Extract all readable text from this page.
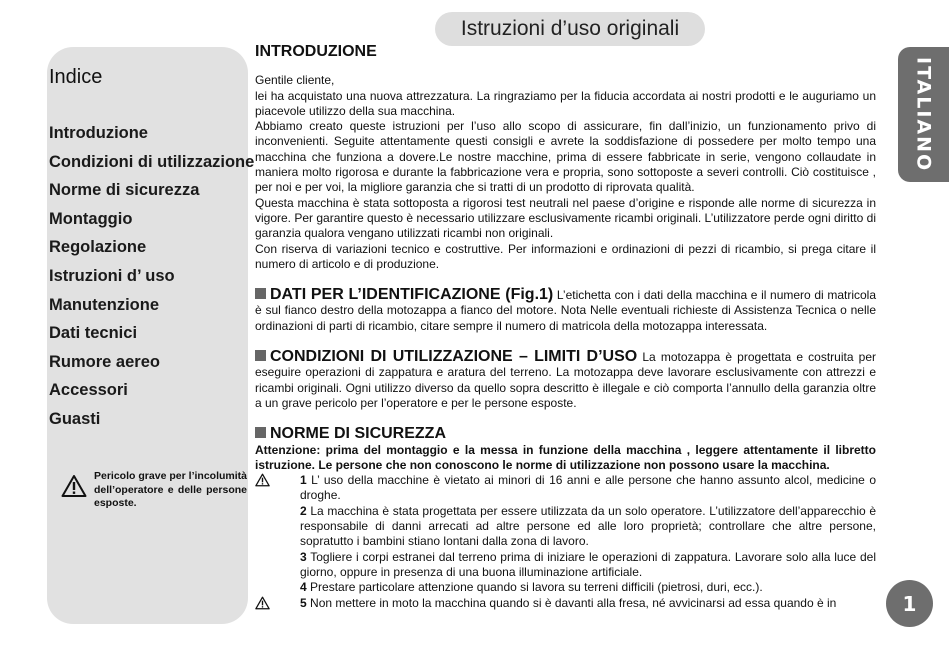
Istruzioni d’uso originali
Indice
Introduzione
Condizioni di utilizzazione
Norme di sicurezza
Montaggio
Regolazione
Istruzioni d’ uso
Manutenzione
Dati tecnici
Rumore aereo
Accessori
Guasti
Pericolo grave per l’incolumità dell’operatore e delle persone esposte.
INTRODUZIONE

Gentile cliente,

lei ha acquistato una nuova attrezzatura. La ringraziamo per la fiducia accordata ai nostri prodotti e le auguriamo un piacevole utilizzo della sua macchina.

Abbiamo creato queste istruzioni per l’uso allo scopo di assicurare, fin dall’inizio, un funzionamento privo di inconvenienti. Seguite attentamente questi consigli e avrete la soddisfazione di possedere per molto tempo una macchina che funziona a dovere.Le nostre macchine, prima di essere fabbricate in serie, vengono collaudate in maniera molto rigorosa e durante la fabbricazione vera e propria, sono sottoposte a severi controlli. Ciò costituisce , per noi e per voi, la migliore garanzia che si tratti di un prodotto di riprovata qualità.

Questa macchina è stata sottoposta a rigorosi test neutrali nel paese d’origine e risponde alle norme di sicurezza in vigore. Per garantire questo è necessario utilizzare esclusivamente ricambi originali. L’utilizzatore perde ogni diritto di garanzia qualora vengano utilizzati ricambi non originali.

Con riserva di variazioni tecnico e costruttive. Per informazioni e ordinazioni di pezzi di ricambio, si prega citare il numero di articolo e di produzione.

DATI PER L’IDENTIFICAZIONE (Fig.1) L’etichetta con i dati della macchina e il numero di matricola è sul fianco destro della motozappa a fianco del motore. Nota Nelle eventuali richieste di Assistenza Tecnica o nelle ordinazioni di parti di ricambio, citare sempre il numero di matricola della motozappa interessata.

CONDIZIONI DI UTILIZZAZIONE – LIMITI D’USO La motozappa è progettata e costruita per eseguire operazioni di zappatura e aratura del terreno. La motozappa deve lavorare esclusivamente con attrezzi e ricambi originali. Ogni utilizzo diverso da quello sopra descritto è illegale e ciò comporta l’annullo della garanzia oltre a un grave pericolo per l’operatore e per le persone esposte.

NORME DI SICUREZZA

Attenzione: prima del montaggio e la messa in funzione della macchina , leggere attentamente il libretto istruzione. Le persone che non conoscono le norme di utilizzazione non possono usare la macchina.

1 L’ uso della macchine è vietato ai minori di 16 anni e alle persone che hanno assunto alcol, medicine o droghe.
2 La macchina è stata progettata per essere utilizzata da un solo operatore. L’utilizzatore dell’apparecchio è responsabile di danni arrecati ad altre persone ed alle loro proprietà; controllare che altre persone, sopratutto i bambini stiano lontani dalla zona di lavoro.
3 Togliere i corpi estranei dal terreno prima di iniziare le operazioni di zappatura. Lavorare solo alla luce del giorno, oppure in presenza di una buona illuminazione artificiale.
4 Prestare particolare attenzione quando si lavora su terreni difficili (pietrosi, duri, ecc.).
5 Non mettere in moto la macchina quando si è davanti alla fresa, né avvicinarsi ad essa quando è in
ITALIANO
1
